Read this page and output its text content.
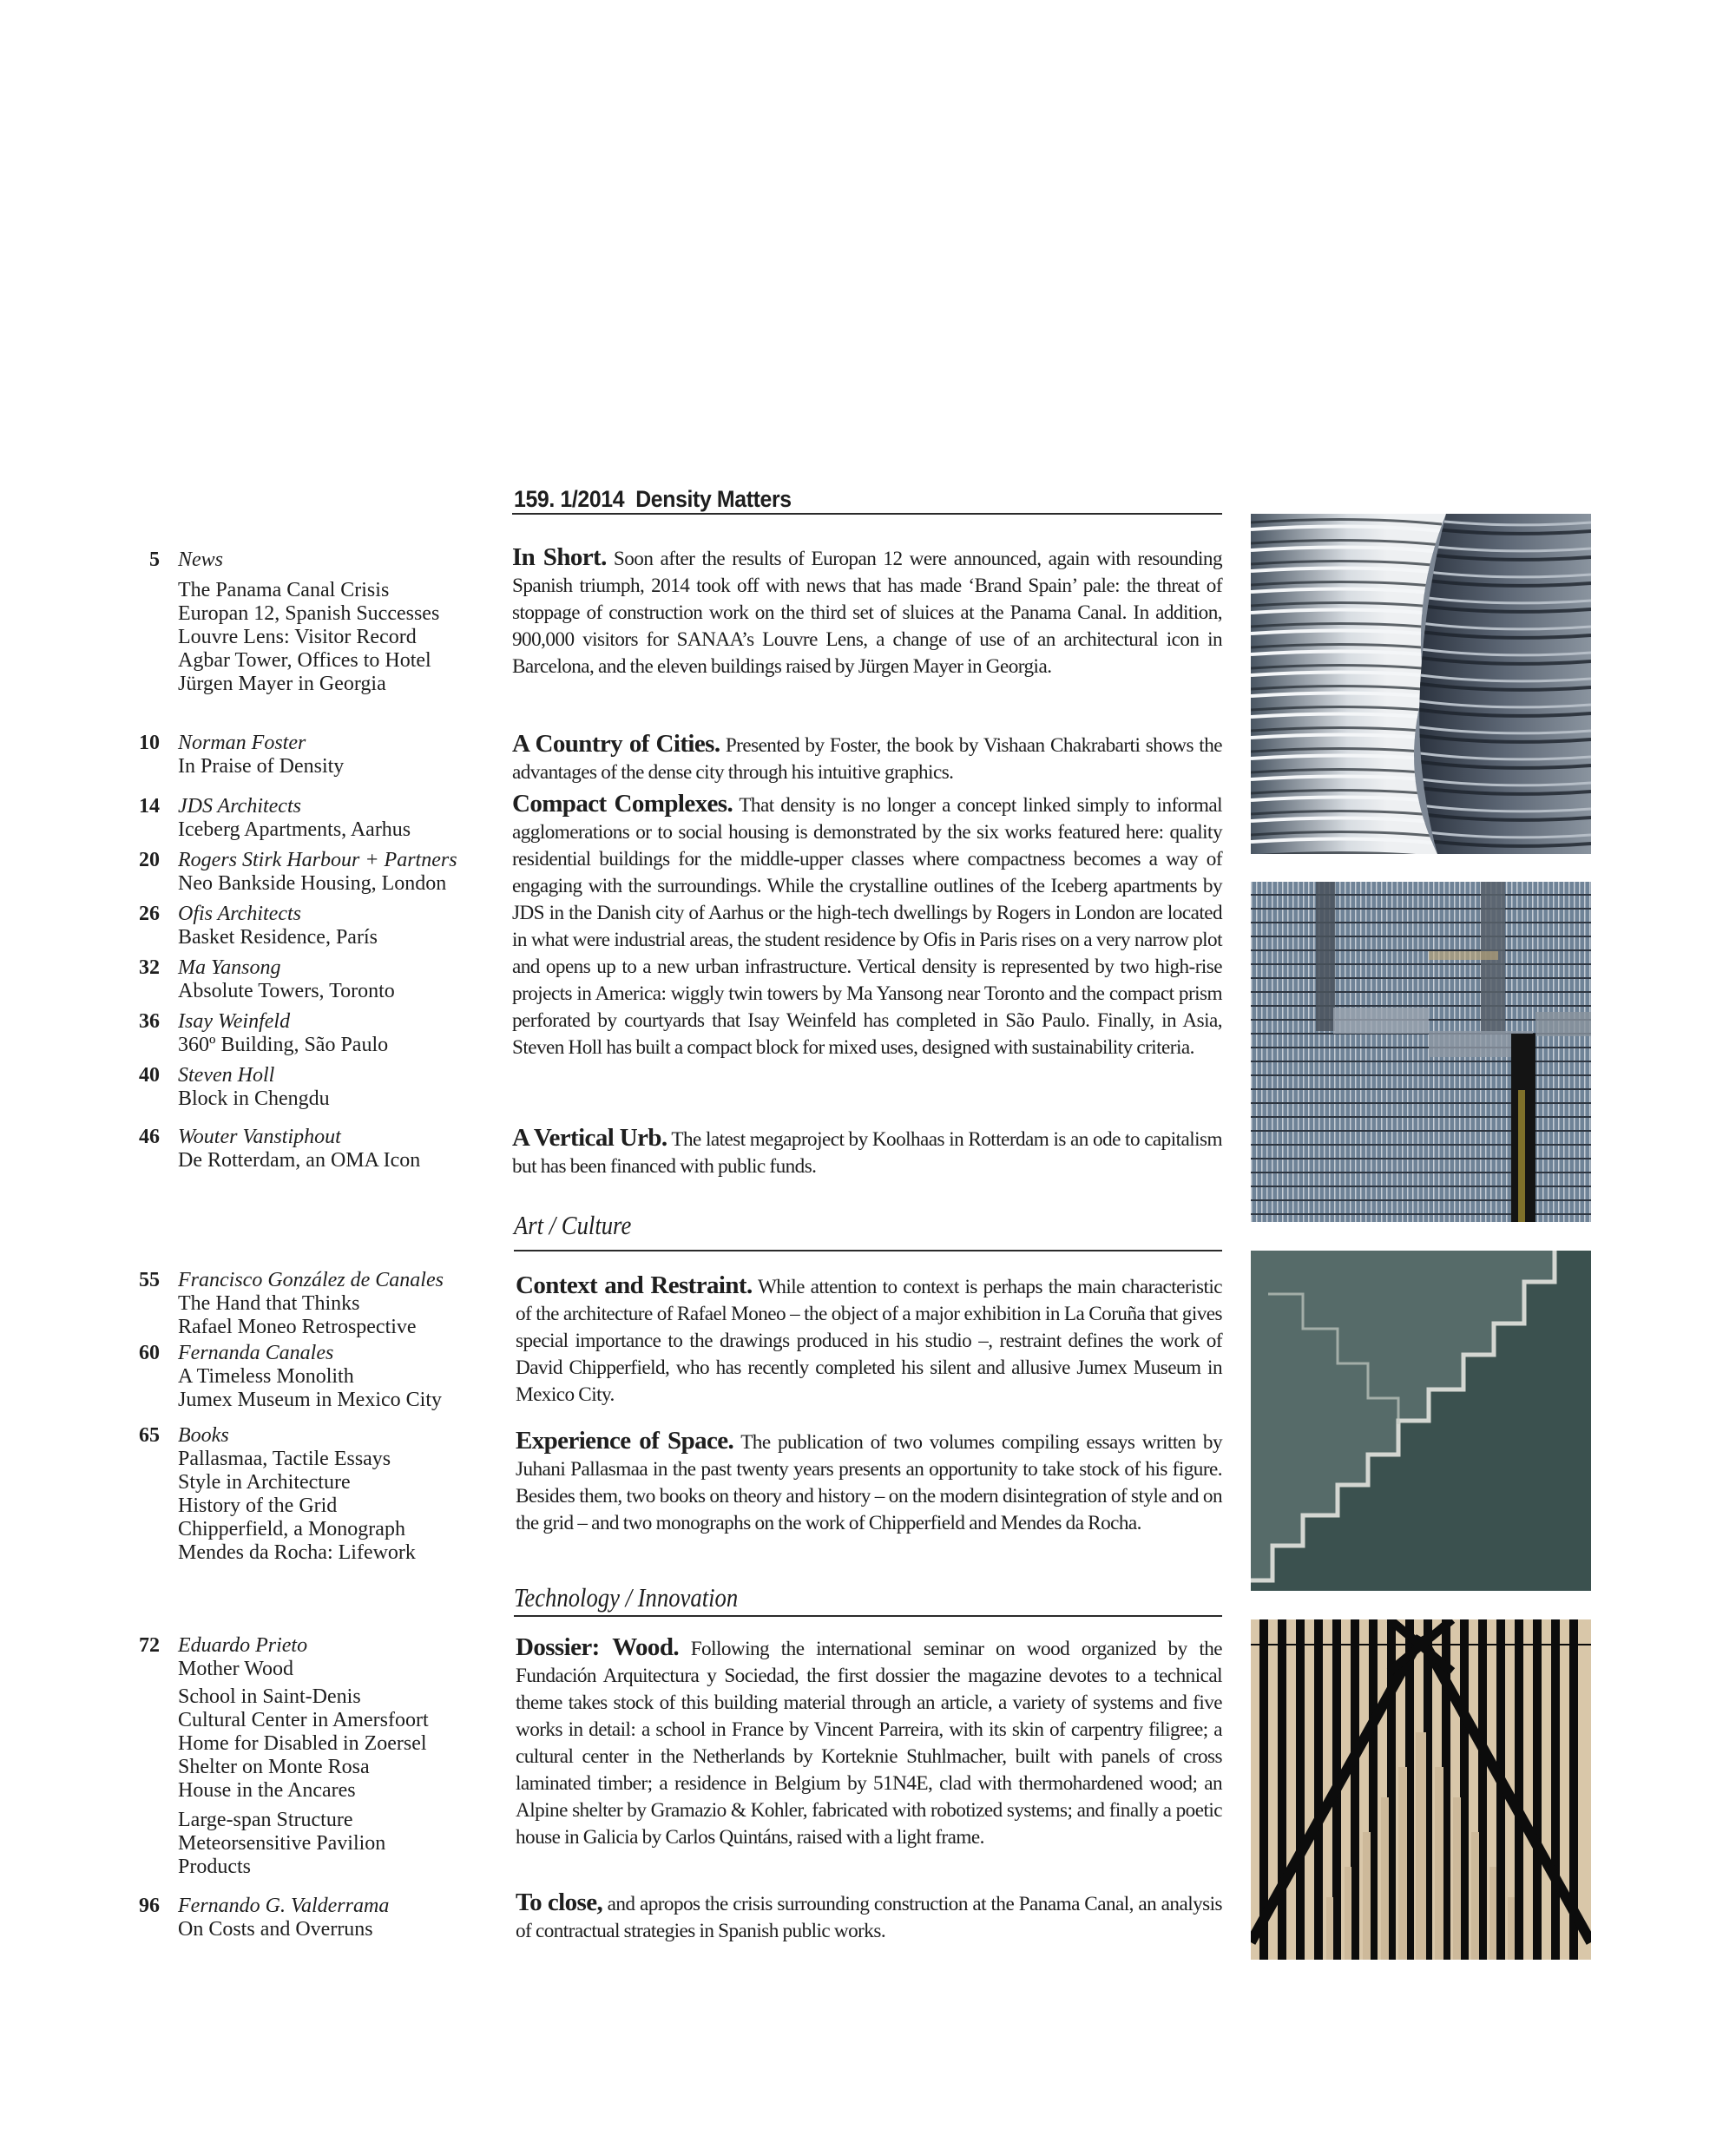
5 News
The Panama Canal Crisis
Europan 12, Spanish Successes
Louvre Lens: Visitor Record
Agbar Tower, Offices to Hotel
Jürgen Mayer in Georgia
10 Norman Foster
In Praise of Density
14 JDS Architects
Iceberg Apartments, Aarhus
20 Rogers Stirk Harbour + Partners
Neo Bankside Housing, London
26 Ofis Architects
Basket Residence, París
32 Ma Yansong
Absolute Towers, Toronto
36 Isay Weinfeld
360º Building, São Paulo
40 Steven Holl
Block in Chengdu
46 Wouter Vanstiphout
De Rotterdam, an OMA Icon
55 Francisco González de Canales
The Hand that Thinks
Rafael Moneo Retrospective
60 Fernanda Canales
A Timeless Monolith
Jumex Museum in Mexico City
65 Books
Pallasmaa, Tactile Essays
Style in Architecture
History of the Grid
Chipperfield, a Monograph
Mendes da Rocha: Lifework
72 Eduardo Prieto
Mother Wood
School in Saint-Denis
Cultural Center in Amersfoort
Home for Disabled in Zoersel
Shelter on Monte Rosa
House in the Ancares
Large-span Structure
Meteorsensitive Pavilion
Products
96 Fernando G. Valderrama
On Costs and Overruns
159. 1/2014  Density Matters

In Short. Soon after the results of Europan 12 were announced, again with resounding Spanish triumph, 2014 took off with news that has made ‘Brand Spain’ pale: the threat of stoppage of construction work on the third set of sluices at the Panama Canal. In addition, 900,000 visitors for SANAA’s Louvre Lens, a change of use of an architectural icon in Barcelona, and the eleven buildings raised by Jürgen Mayer in Georgia.

A Country of Cities. Presented by Foster, the book by Vishaan Chakrabarti shows the advantages of the dense city through his intuitive graphics.

Compact Complexes. That density is no longer a concept linked simply to informal agglomerations or to social housing is demonstrated by the six works featured here: quality residential buildings for the middle-upper classes where compactness becomes a way of engaging with the surroundings. While the crystalline outlines of the Iceberg apartments by JDS in the Danish city of Aarhus or the high-tech dwellings by Rogers in London are located in what were industrial areas, the student residence by Ofis in Paris rises on a very narrow plot and opens up to a new urban infrastructure. Vertical density is represented by two high-rise projects in America: wiggly twin towers by Ma Yansong near Toronto and the compact prism perforated by courtyards that Isay Weinfeld has completed in São Paulo. Finally, in Asia, Steven Holl has built a compact block for mixed uses, designed with sustainability criteria.

A Vertical Urb. The latest megaproject by Koolhaas in Rotterdam is an ode to capitalism but has been financed with public funds.

Art / Culture

Context and Restraint. While attention to context is perhaps the main characteristic of the architecture of Rafael Moneo – the object of a major exhibition in La Coruña that gives special importance to the drawings produced in his studio –, restraint defines the work of David Chipperfield, who has recently completed his silent and allusive Jumex Museum in Mexico City.

Experience of Space. The publication of two volumes compiling essays written by Juhani Pallasmaa in the past twenty years presents an opportunity to take stock of his figure. Besides them, two books on theory and history – on the modern disintegration of style and on the grid – and two monographs on the work of Chipperfield and Mendes da Rocha.

Technology / Innovation

Dossier: Wood. Following the international seminar on wood organized by the Fundación Arquitectura y Sociedad, the first dossier the magazine devotes to a technical theme takes stock of this building material through an article, a variety of systems and five works in detail: a school in France by Vincent Parreira, with its skin of carpentry filigree; a cultural center in the Netherlands by Korteknie Stuhlmacher, built with panels of cross laminated timber; a residence in Belgium by 51N4E, clad with thermohardened wood; an Alpine shelter by Gramazio & Kohler, fabricated with robotized systems; and finally a poetic house in Galicia by Carlos Quintáns, raised with a light frame.

To close, and apropos the crisis surrounding construction at the Panama Canal, an analysis of contractual strategies in Spanish public works.
